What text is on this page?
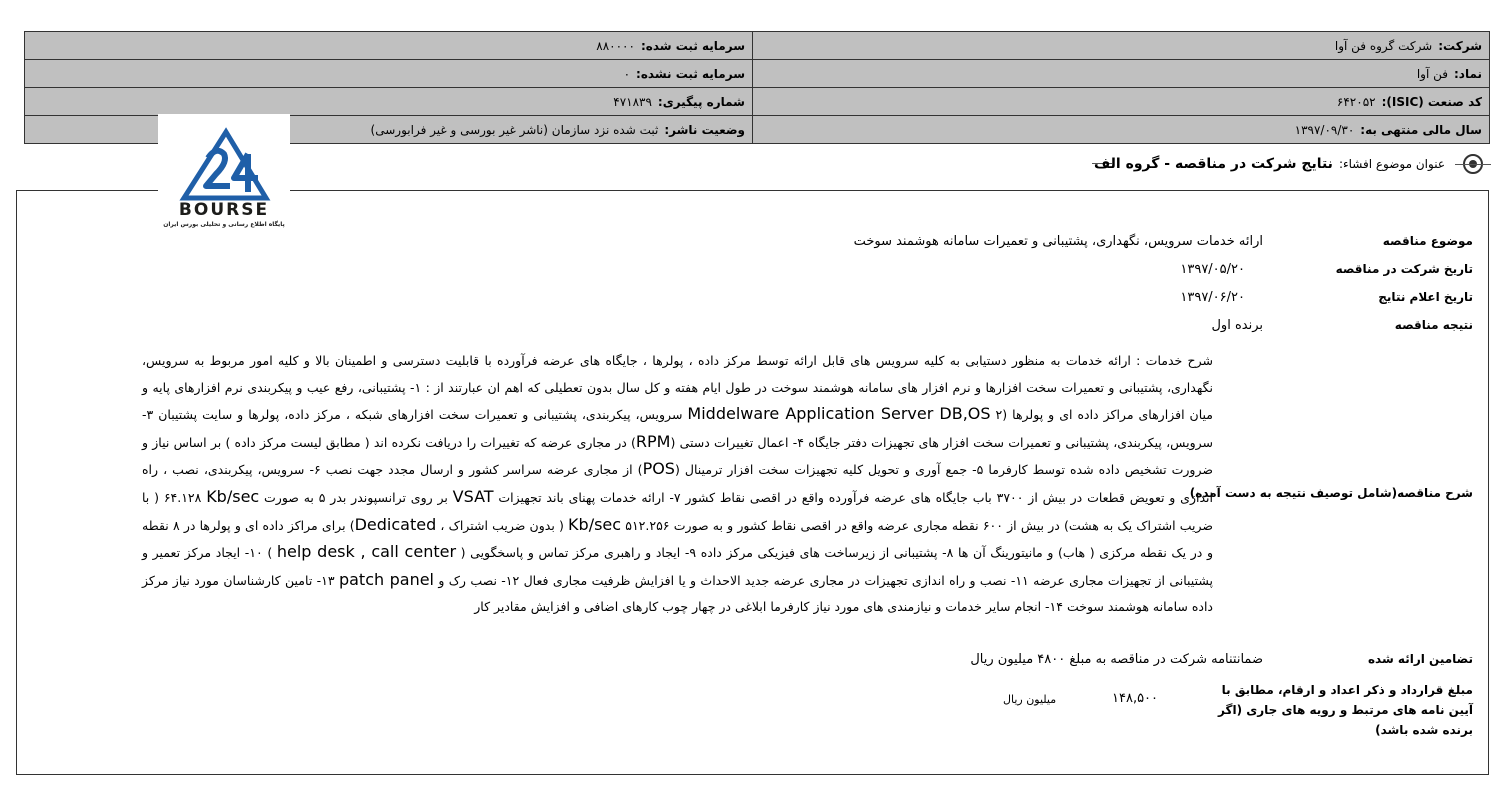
شرکت:شرکت گروه فن آوا	سرمایه ثبت شده:۸۸۰۰۰۰
نماد:فن آوا	سرمایه ثبت نشده:۰
کد صنعت (ISIC):۶۴۲۰۵۲	شماره پیگیری:۴۷۱۸۳۹
سال مالی منتهی به:۱۳۹۷/۰۹/۳۰	وضعیت ناشر:ثبت شده نزد سازمان (ناشر غیر بورسی و غیر فرابورسی)
BOURSE
پایگاه اطلاع رسانی و تحلیلی بورس ایران
عنوان موضوع افشاء:
نتایج شرکت در مناقصه - گروه الف
موضوع مناقصه
ارائه خدمات سرویس، نگهداری، پشتیبانی و تعمیرات سامانه هوشمند سوخت
تاریخ شرکت در مناقصه
۱۳۹۷/۰۵/۲۰
تاریخ اعلام نتایج
۱۳۹۷/۰۶/۲۰
نتیجه مناقصه
برنده اول
شرح مناقصه(شامل توصیف نتیجه به دست آمده)
شرح خدمات : ارائه خدمات به منظور دستیابی به کلیه سرویس های قابل ارائه توسط مرکز داده ، پولرها ، جایگاه های عرضه فرآورده با قابلیت دسترسی و اطمینان بالا و کلیه امور مربوط به سرویس، نگهداری، پشتیبانی و تعمیرات سخت افزارها و نرم افزار های سامانه هوشمند سوخت در طول ایام هفته و کل سال بدون تعطیلی که اهم ان عبارتند از : ۱- پشتیبانی، رفع عیب و پیکربندی نرم افزارهای پایه و میان افزارهای مراکز داده ای و پولرها (۲ Middelware Application Server DB,OS سرویس، پیکربندی، پشتیبانی و تعمیرات سخت افزارهای شبکه ، مرکز داده، پولرها و سایت پشتیبان ۳- سرویس، پیکربندی، پشتیبانی و تعمیرات سخت افزار های تجهیزات دفتر جایگاه ۴- اعمال تغییرات دستی (RPM) در مجاری عرضه که تغییرات را دریافت نکرده اند ( مطابق لیست مرکز داده ) بر اساس نیاز و ضرورت تشخیص داده شده توسط کارفرما ۵- جمع آوری و تحویل کلیه تجهیزات سخت افزار ترمینال (POS) از مجاری عرضه سراسر کشور و ارسال مجدد جهت نصب ۶- سرویس، پیکربندی، نصب ، راه اندازی و تعویض قطعات در بیش از ۳۷۰۰ باب جایگاه های عرضه فرآورده واقع در اقصی نقاط کشور ۷- ارائه خدمات پهنای باند تجهیزات VSAT بر روی ترانسپوندر بدر ۵ به صورت Kb/sec ۶۴.۱۲۸ ( با ضریب اشتراک یک به هشت) در بیش از ۶۰۰ نقطه مجاری عرضه واقع در اقصی نقاط کشور و به صورت ۵۱۲.۲۵۶ Kb/sec ( بدون ضریب اشتراک ، Dedicated) برای مراکز داده ای و پولرها در ۸ نقطه و در یک نقطه مرکزی ( هاب) و مانیتورینگ آن ها ۸- پشتیبانی از زیرساخت های فیزیکی مرکز داده ۹- ایجاد و راهبری مرکز تماس و پاسخگویی ( help desk , call center ) ۱۰- ایجاد مرکز تعمیر و پشتیبانی از تجهیزات مجاری عرضه ۱۱- نصب و راه اندازی تجهیزات در مجاری عرضه جدید الاحداث و یا افزایش ظرفیت مجاری فعال ۱۲- نصب رک و patch panel ۱۳- تامین کارشناسان مورد نیاز مرکز داده سامانه هوشمند سوخت ۱۴- انجام سایر خدمات و نیازمندی های مورد نیاز کارفرما ابلاغی در چهار چوب کارهای اضافی و افزایش مقادیر کار
تضامین ارائه شده
ضمانتنامه شرکت در مناقصه به مبلغ ۴۸۰۰ میلیون ریال
مبلغ قرارداد و ذکر اعداد و ارقام، مطابق با آیین نامه های مرتبط و رویه های جاری (اگر برنده شده باشد)
۱۴۸,۵۰۰
میلیون ریال
